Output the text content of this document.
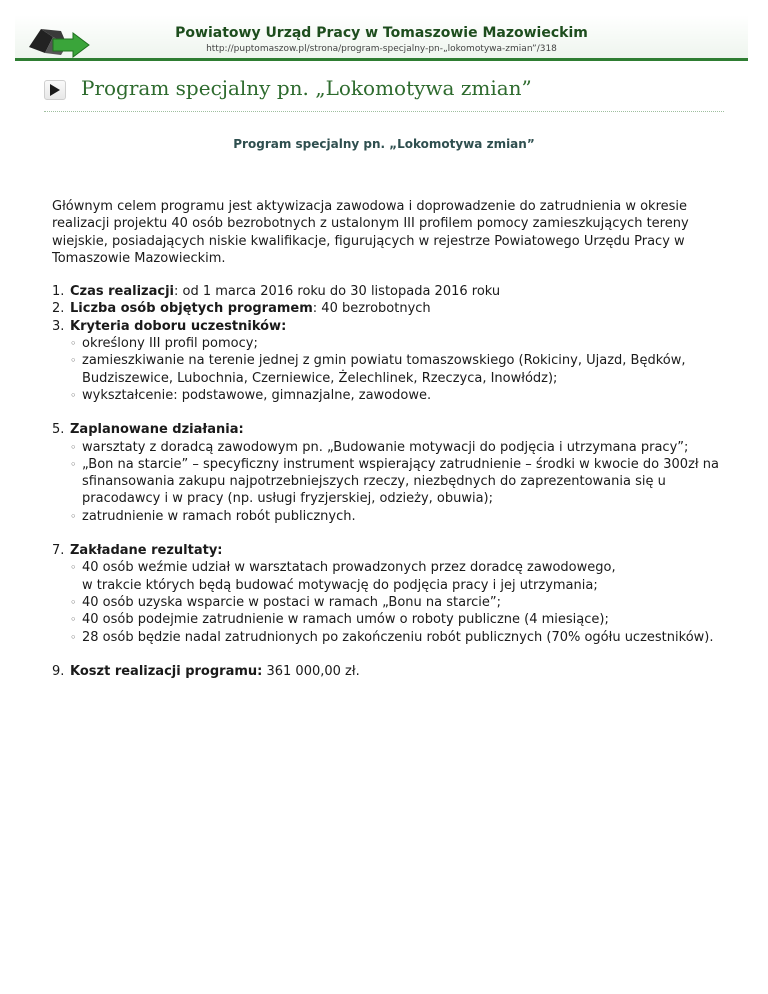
Powiatowy Urząd Pracy w Tomaszowie Mazowieckim
http://puptomaszow.pl/strona/program-specjalny-pn-„lokomotywa-zmian”/318
Program specjalny pn. „Lokomotywa zmian”
Program specjalny pn. „Lokomotywa zmian”

Głównym celem programu jest aktywizacja zawodowa i doprowadzenie do zatrudnienia w okresie realizacji projektu 40 osób bezrobotnych z ustalonym III profilem pomocy zamieszkujących tereny wiejskie, posiadających niskie kwalifikacje, figurujących w rejestrze Powiatowego Urzędu Pracy w Tomaszowie Mazowieckim.

1. Czas realizacji: od 1 marca 2016 roku do 30 listopada 2016 roku
2. Liczba osób objętych programem: 40 bezrobotnych
3. Kryteria doboru uczestników:
◦ określony III profil pomocy;
◦ zamieszkiwanie na terenie jednej z gmin powiatu tomaszowskiego (Rokiciny, Ujazd, Będków, Budziszewice, Lubochnia, Czerniewice, Żelechlinek, Rzeczyca, Inowłódz);
◦ wykształcenie: podstawowe, gimnazjalne, zawodowe.
5. Zaplanowane działania:
◦ warsztaty z doradcą zawodowym pn. „Budowanie motywacji do podjęcia i utrzymana pracy”;
◦ „Bon na starcie” – specyficzny instrument wspierający zatrudnienie – środki w kwocie do 300zł na sfinansowania zakupu najpotrzebniejszych rzeczy, niezbędnych do zaprezentowania się u pracodawcy i w pracy (np. usługi fryzjerskiej, odzieży, obuwia);
◦ zatrudnienie w ramach robót publicznych.
7. Zakładane rezultaty:
◦ 40 osób weźmie udział w warsztatach prowadzonych przez doradcę zawodowego,
w trakcie których będą budować motywację do podjęcia pracy i jej utrzymania;
◦ 40 osób uzyska wsparcie w postaci w ramach „Bonu na starcie”;
◦ 40 osób podejmie zatrudnienie w ramach umów o roboty publiczne (4 miesiące);
◦ 28 osób będzie nadal zatrudnionych po zakończeniu robót publicznych (70% ogółu uczestników).
9. Koszt realizacji programu: 361 000,00 zł.
